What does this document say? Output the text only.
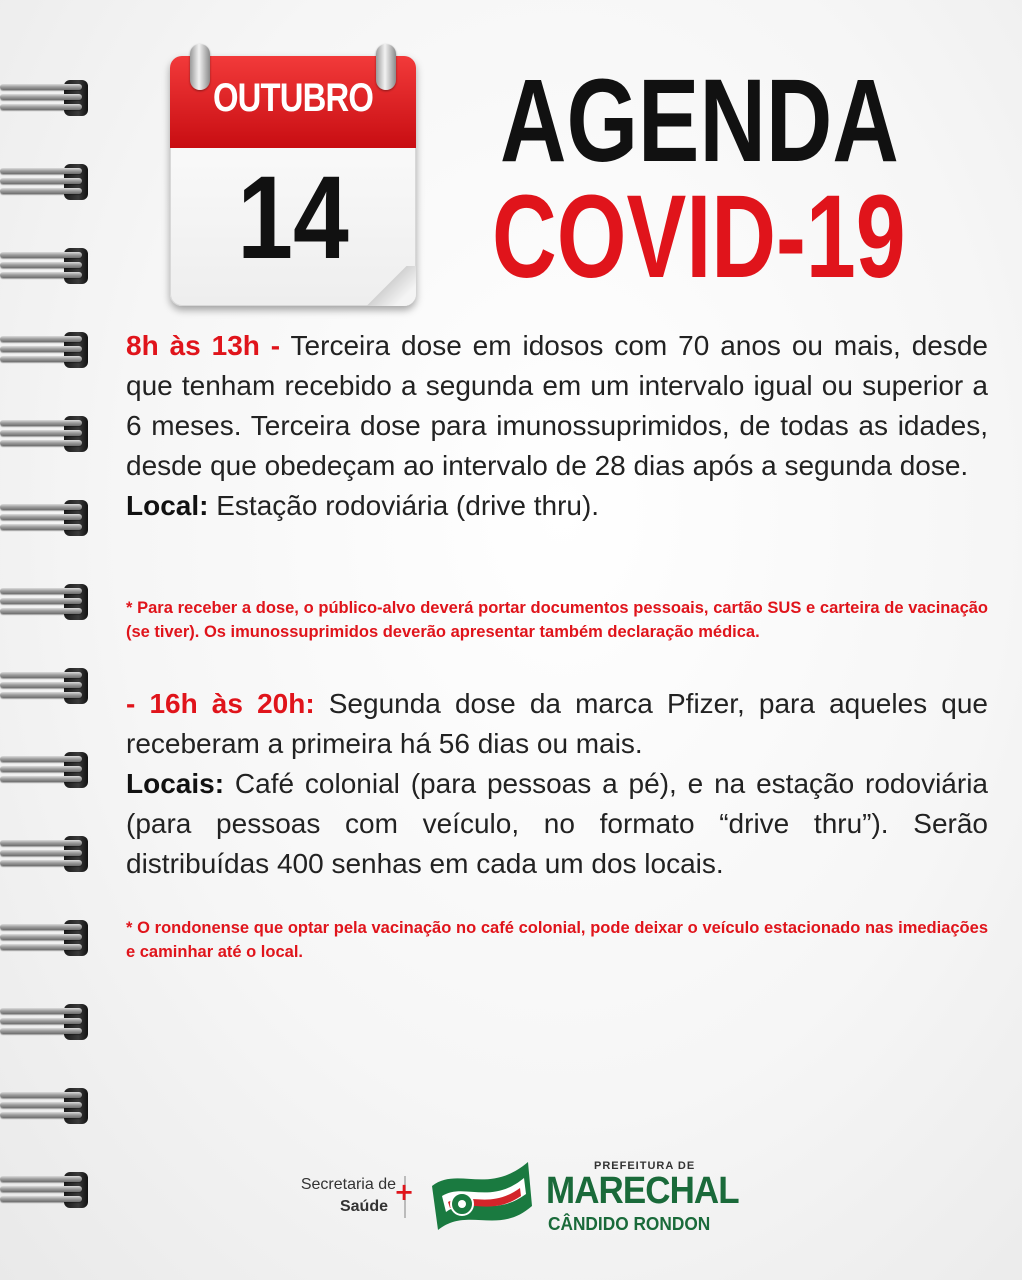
OUTUBRO
14
AGENDA
COVID-19
8h às 13h - Terceira dose em idosos com 70 anos ou mais, desde que tenham recebido a segunda em um intervalo igual ou superior a 6 meses. Terceira dose para imunossuprimidos, de todas as idades, desde que obedeçam ao intervalo de 28 dias após a segunda dose.
Local: Estação rodoviária (drive thru).
* Para receber a dose, o público-alvo deverá portar documentos pessoais, cartão SUS e carteira de vacinação (se tiver). Os imunossuprimidos deverão apresentar também declaração médica.
- 16h às 20h: Segunda dose da marca Pfizer, para aqueles que receberam a primeira há 56 dias ou mais.
Locais: Café colonial (para pessoas a pé), e na estação rodoviária (para pessoas com veículo, no formato “drive thru”). Serão distribuídas 400 senhas em cada um dos locais.
* O rondonense que optar pela vacinação no café colonial, pode deixar o veículo estacionado nas imediações e caminhar até o local.
Secretaria de
Saúde
+
PREFEITURA DE
MARECHAL
CÂNDIDO RONDON
